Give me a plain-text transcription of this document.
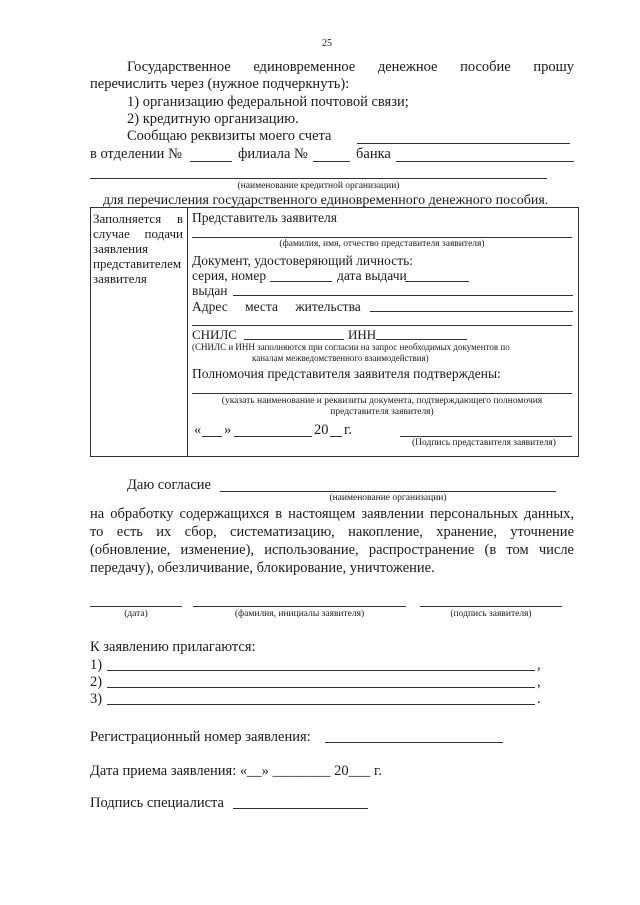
25
Государственное единовременное денежное пособие прошу
перечислить через (нужное подчеркнуть):
1) организацию федеральной почтовой связи;
2) кредитную организацию.
Сообщаю реквизиты моего счета
в отделении №	филиала №	банка
(наименование кредитной организации)
для перечисления государственного единовременного денежного пособия.
Заполняется в
случае подачи
заявления
представителем
заявителя
Представитель заявителя
(фамилия, имя, отчество представителя заявителя)
Документ, удостоверяющий личность:
серия, номер	дата выдачи
выдан
Адрес места жительства
СНИЛС	ИНН
(СНИЛС и ИНН заполняются при согласии на запрос необходимых документов по
каналам межведомственного взаимодействия)
Полномочия представителя заявителя подтверждены:
(указать наименование и реквизиты документа, подтверждающего полномочия
представителя заявителя)
« »	20 г.
(Подпись представителя заявителя)
Даю согласие
(наименование организации)
на обработку содержащихся в настоящем заявлении персональных данных,
то есть их сбор, систематизацию, накопление, хранение, уточнение
(обновление, изменение), использование, распространение (в том числе
передачу), обезличивание, блокирование, уничтожение.
(дата)	(фамилия, инициалы заявителя)	(подпись заявителя)
К заявлению прилагаются:
1)	,
2)	,
3)	.
Регистрационный номер заявления:
Дата приема заявления: «__» ________ 20___ г.
Подпись специалиста
